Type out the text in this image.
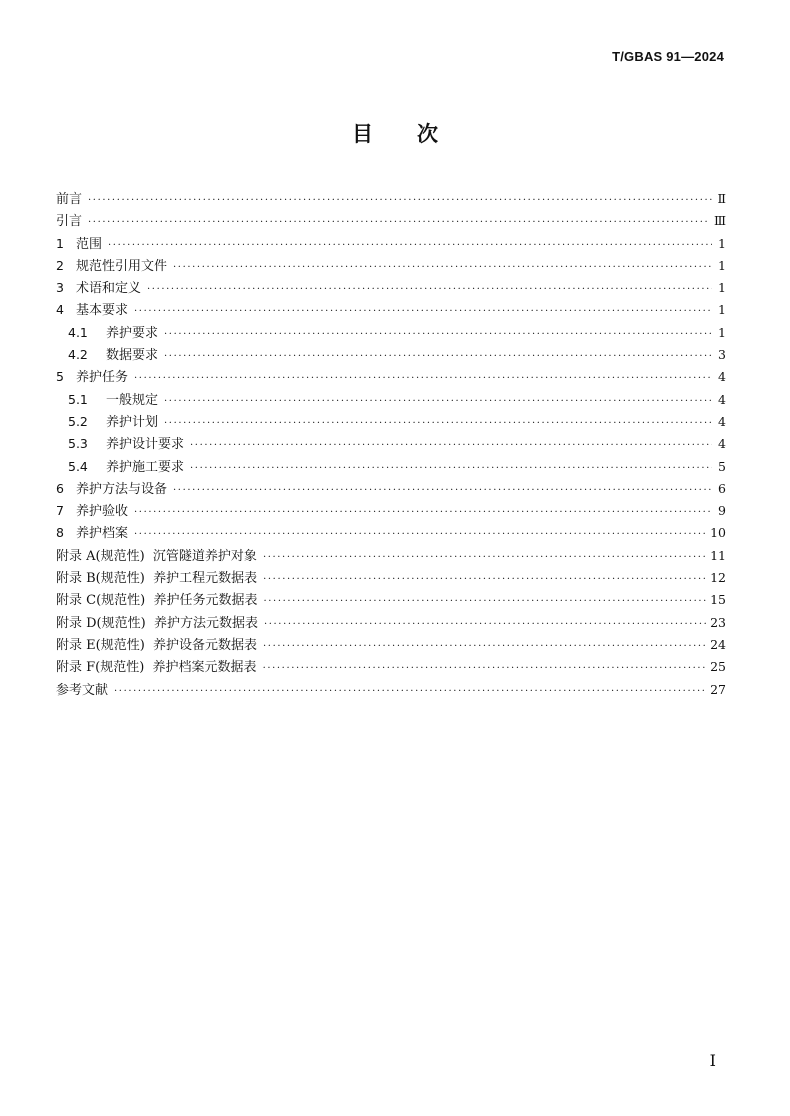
T/GBAS 91—2024
目 次
前言 ·····	Ⅱ
引言 ·····	Ⅲ
1 范围 ·····	1
2 规范性引用文件 ·····	1
3 术语和定义 ·····	1
4 基本要求 ·····	1
4.1	养护要求 ·····	1
4.2	数据要求 ·····	3
5 养护任务 ·····	4
5.1	一般规定 ·····	4
5.2	养护计划 ·····	4
5.3	养护设计要求 ·····	4
5.4	养护施工要求 ·····	5
6 养护方法与设备 ·····	6
7 养护验收 ·····	9
8 养护档案 ·····	10
附录 A(规范性)  沉管隧道养护对象 ·····	11
附录 B(规范性)  养护工程元数据表 ·····	12
附录 C(规范性)  养护任务元数据表 ·····	15
附录 D(规范性)  养护方法元数据表 ·····	23
附录 E(规范性)  养护设备元数据表 ·····	24
附录 F(规范性)  养护档案元数据表 ·····	25
参考文献 ·····	27
I
